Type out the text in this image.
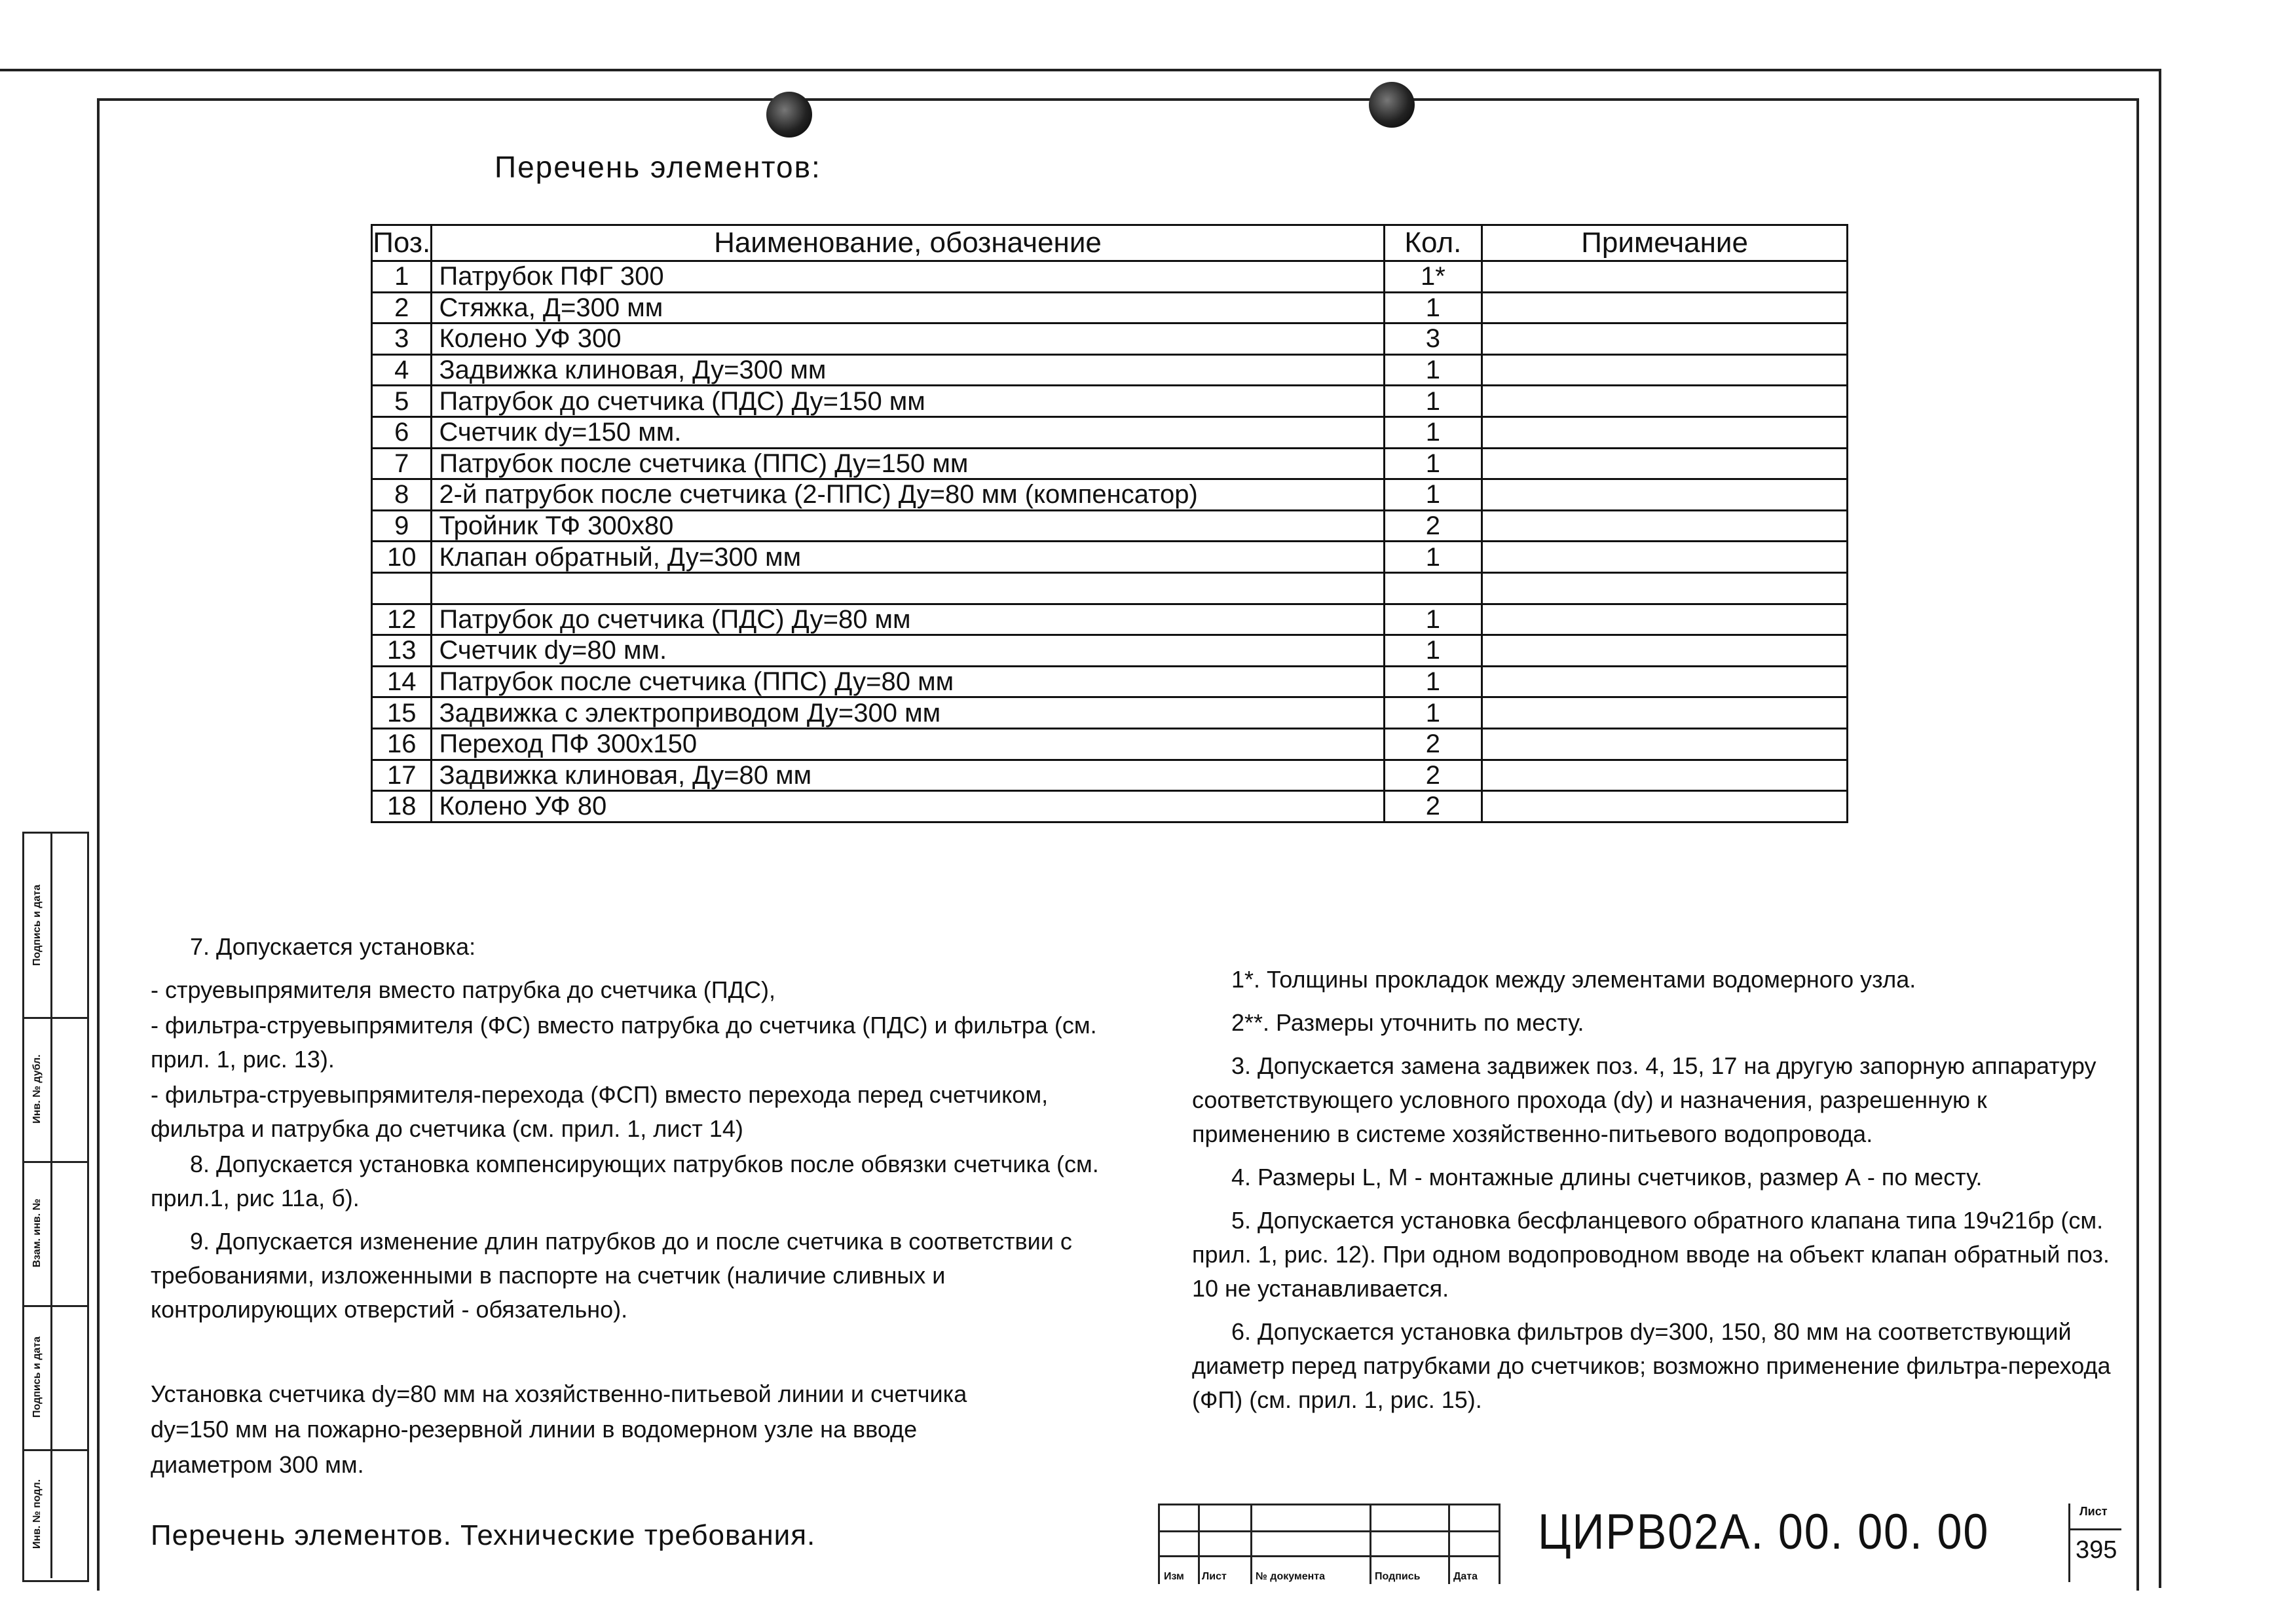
Перечень элементов:
Поз.	Наименование, обозначение	Кол.	Примечание
1	Патрубок ПФГ 300	1*	
2	Стяжка, Д=300 мм	1	
3	Колено УФ 300	3	
4	Задвижка клиновая, Ду=300 мм	1	
5	Патрубок до счетчика (ПДС) Ду=150 мм	1	
6	Счетчик dy=150 мм.	1	
7	Патрубок после счетчика (ППС) Ду=150 мм	1	
8	2-й патрубок после счетчика (2-ППС) Ду=80 мм (компенсатор)	1	
9	Тройник ТФ 300х80	2	
10	Клапан обратный, Ду=300 мм	1	

12	Патрубок до счетчика (ПДС) Ду=80 мм	1	
13	Счетчик dy=80 мм.	1	
14	Патрубок после счетчика (ППС) Ду=80 мм	1	
15	Задвижка с электроприводом Ду=300 мм	1	
16	Переход ПФ 300х150	2	
17	Задвижка клиновая, Ду=80 мм	2	
18	Колено УФ 80	2	

7. Допускается установка:

- струевыпрямителя вместо патрубка до счетчика (ПДС),

- фильтра-струевыпрямителя (ФС) вместо патрубка до счетчика (ПДС) и фильтра (см. прил. 1, рис. 13).

- фильтра-струевыпрямителя-перехода (ФСП) вместо перехода перед счетчиком, фильтра и патрубка до счетчика (см. прил. 1, лист 14)

8. Допускается установка компенсирующих патрубков после обвязки счетчика (см. прил.1, рис 11а, б).

9. Допускается изменение длин патрубков до и после счетчика в соответствии с требованиями, изложенными в паспорте на счетчик (наличие сливных и контролирующих отверстий - обязательно).

Установка счетчика dy=80 мм на хозяйственно-питьевой линии и счетчика dy=150 мм на пожарно-резервной линии в водомерном узле на вводе диаметром 300 мм.

1*. Толщины прокладок между элементами водомерного узла.

2**. Размеры уточнить по месту.

3. Допускается замена задвижек поз. 4, 15, 17 на другую запорную аппаратуру соответствующего условного прохода (dy) и назначения, разрешенную к применению в системе хозяйственно-питьевого водопровода.

4. Размеры L, M - монтажные длины счетчиков, размер А - по месту.

5. Допускается установка бесфланцевого обратного клапана типа 19ч21бр (см. прил. 1, рис. 12). При одном водопроводном вводе на объект клапан обратный поз. 10 не устанавливается.

6. Допускается установка фильтров dy=300, 150, 80 мм на соответствующий диаметр перед патрубками до счетчиков; возможно применение фильтра-перехода (ФП) (см. прил. 1, рис. 15).

Перечень элементов. Технические требования.
Подпись и дата
Инв. № дубл.
Взам. инв. №
Подпись и дата
Инв. № подл.
Изм Лист	№ документа	Подпись	Дата
ЦИРВ02А. 00. 00. 00	Лист
395
